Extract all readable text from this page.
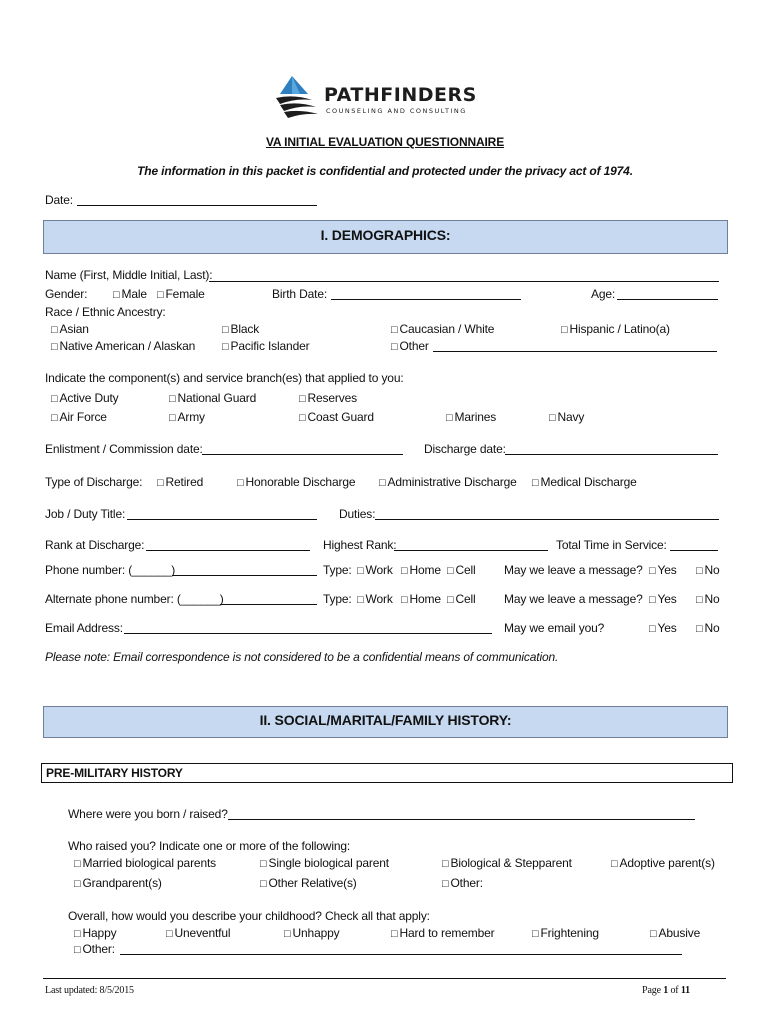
PATHFINDERS
COUNSELING AND CONSULTING
VA INITIAL EVALUATION QUESTIONNAIRE
The information in this packet is confidential and protected under the privacy act of 1974.
Date:
I. DEMOGRAPHICS:
Name (First, Middle Initial, Last):
Gender: □ Male □ Female	Birth Date:	Age:
Race / Ethnic Ancestry:
□ Asian	□ Black	□ Caucasian / White	□ Hispanic / Latino(a)
□ Native American / Alaskan □ Pacific Islander	□ Other
Indicate the component(s) and service branch(es) that applied to you:
□ Active Duty	□ National Guard	□ Reserves
□ Air Force	□ Army	□ Coast Guard	□ Marines	□ Navy
Enlistment / Commission date:	Discharge date:
Type of Discharge: □ Retired	□ Honorable Discharge □ Administrative Discharge □ Medical Discharge
Job / Duty Title:	Duties:
Rank at Discharge:	Highest Rank:	Total Time in Service:
Phone number: (______)	Type: □ Work □ Home □ Cell May we leave a message? □ Yes □ No
Alternate phone number: (______)	Type: □ Work □ Home □ Cell May we leave a message? □ Yes □ No
Email Address:	May we email you?	□ Yes □ No
Please note: Email correspondence is not considered to be a confidential means of communication.
II. SOCIAL/MARITAL/FAMILY HISTORY:
PRE-MILITARY HISTORY
Where were you born / raised?
Who raised you? Indicate one or more of the following:
□ Married biological parents	□ Single biological parent	□ Biological & Stepparent	□ Adoptive parent(s)
□ Grandparent(s)	□ Other Relative(s)	□ Other:
Overall, how would you describe your childhood? Check all that apply:
□ Happy	□ Uneventful	□ Unhappy	□ Hard to remember	□ Frightening	□ Abusive
□ Other:
Last updated: 8/5/2015	Page 1 of 11
